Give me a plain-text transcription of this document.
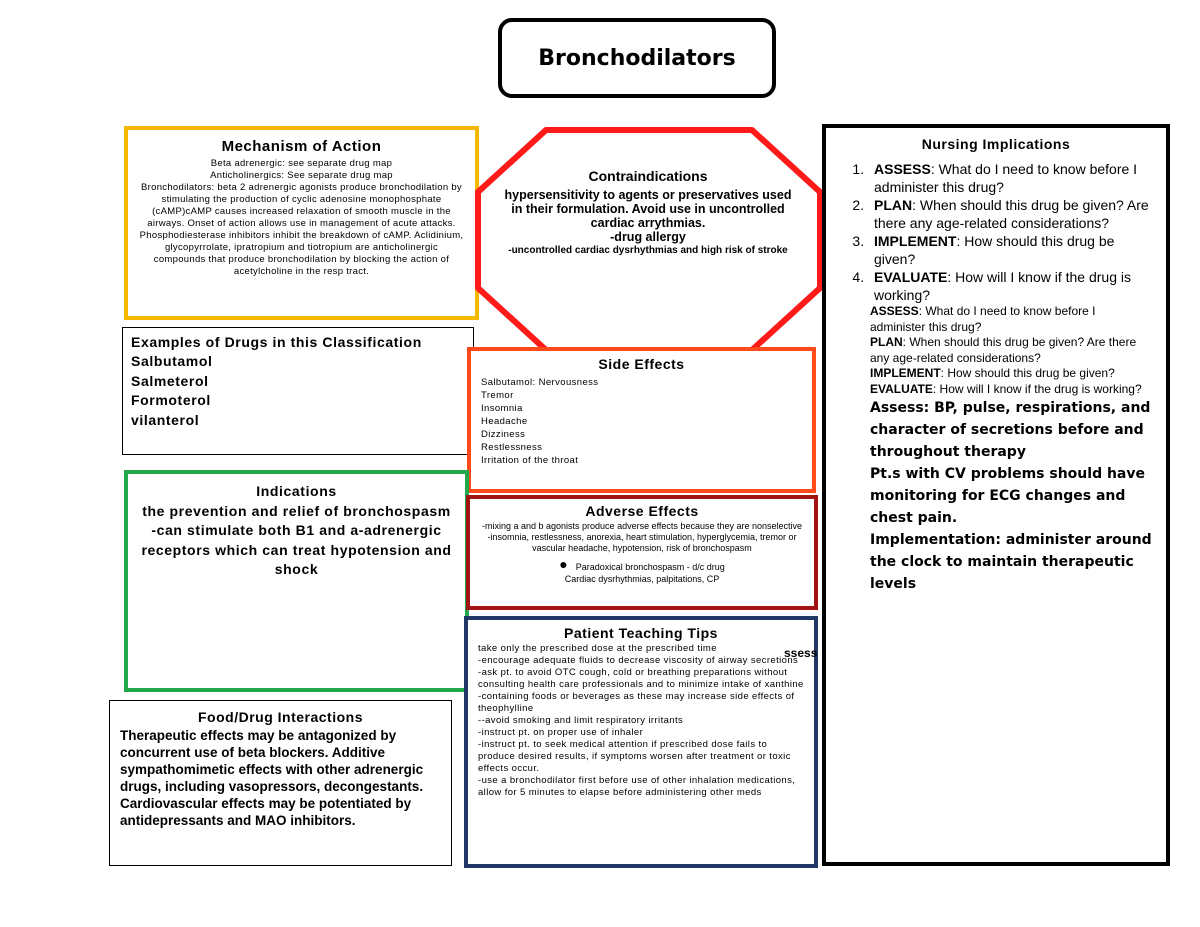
Bronchodilators

Mechanism of Action

Beta adrenergic: see separate drug map

Anticholinergics: See separate drug map

Bronchodilators: beta 2 adrenergic agonists produce bronchodilation by stimulating the production of cyclic adenosine monophosphate (cAMP)cAMP causes increased relaxation of smooth muscle in the airways. Onset of action allows use in management of acute attacks. Phosphodiesterase inhibitors inhibit the breakdown of cAMP. Aclidinium, glycopyrrolate, ipratropium and tiotropium are anticholinergic compounds that produce bronchodilation by blocking the action of acetylcholine in the resp tract.

Contraindications

hypersensitivity to agents or preservatives used in their formulation. Avoid use in uncontrolled cardiac arrythmias.

-drug allergy

-uncontrolled cardiac dysrhythmias and high risk of stroke

Examples of Drugs in this Classification

Salbutamol

Salmeterol

Formoterol

vilanterol

Side Effects

Salbutamol: Nervousness

Tremor

Insomnia

Headache

Dizziness

Restlessness

Irritation of the throat

Indications

the prevention and relief of bronchospasm

-can stimulate both B1 and a-adrenergic receptors which can treat hypotension and shock

Adverse Effects

-mixing a and b agonists produce adverse effects because they are nonselective

-insomnia, restlessness, anorexia, heart stimulation, hyperglycemia, tremor or vascular headache, hypotension, risk of bronchospasm

● Paradoxical bronchospasm - d/c drug

Cardiac dysrhythmias, palpitations, CP

Patient Teaching Tips

take only the prescribed dose at the prescribed time

-encourage adequate fluids to decrease viscosity of airway secretions

-ask pt. to avoid OTC cough, cold or breathing preparations without consulting health care professionals and to minimize intake of xanthine -containing foods or beverages as these may increase side effects of theophylline

--avoid smoking and limit respiratory irritants

-instruct pt. on proper use of inhaler

-instruct pt. to seek medical attention if prescribed dose fails to produce desired results, if symptoms worsen after treatment or toxic effects occur.

-use a bronchodilator first before use of other inhalation medications, allow for 5 minutes to elapse before administering other meds

ssess

Food/Drug Interactions

Therapeutic effects may be antagonized by concurrent use of beta blockers. Additive sympathomimetic effects with other adrenergic drugs, including vasopressors, decongestants. Cardiovascular effects may be potentiated by antidepressants and MAO inhibitors.

Nursing Implications

1. ASSESS: What do I need to know before I administer this drug?
2. PLAN: When should this drug be given? Are there any age-related considerations?
3. IMPLEMENT: How should this drug be given?
4. EVALUATE: How will I know if the drug is working?

ASSESS: What do I need to know before I administer this drug?

PLAN: When should this drug be given? Are there any age-related considerations?

IMPLEMENT: How should this drug be given?

EVALUATE: How will I know if the drug is working?

Assess: BP, pulse, respirations, and character of secretions before and throughout therapy

Pt.s with CV problems should have monitoring for ECG changes and chest pain.

Implementation: administer around the clock to maintain therapeutic levels
